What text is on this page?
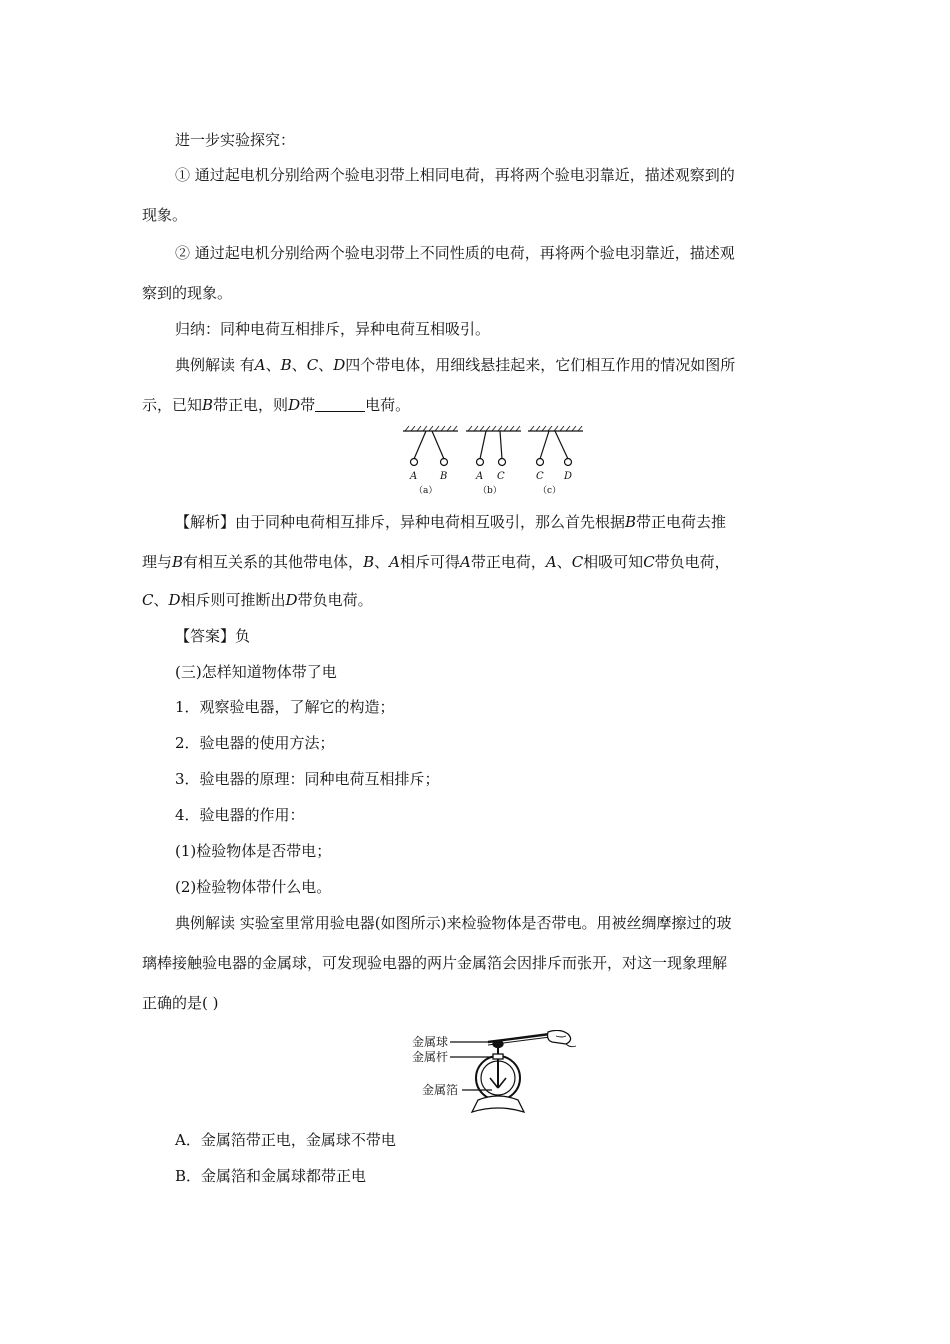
进一步实验探究：
① 通过起电机分别给两个验电羽带上相同电荷，再将两个验电羽靠近，描述观察到的
现象。
② 通过起电机分别给两个验电羽带上不同性质的电荷，再将两个验电羽靠近，描述观
察到的现象。
归纳：同种电荷互相排斥，异种电荷互相吸引。
典例解读 有A、B、C、D四个带电体，用细线悬挂起来，它们相互作用的情况如图所
示，已知B带正电，则D带	电荷。
A B	A C	C D
（a）	（b）	（c）
【解析】由于同种电荷相互排斥，异种电荷相互吸引，那么首先根据B带正电荷去推
理与B有相互关系的其他带电体，B、A相斥可得A带正电荷，A、C相吸可知C带负电荷，
C、D相斥则可推断出D带负电荷。
【答案】负
(三)怎样知道物体带了电
1．观察验电器，了解它的构造；
2．验电器的使用方法；
3．验电器的原理：同种电荷互相排斥；
4．验电器的作用：
(1)检验物体是否带电；
(2)检验物体带什么电。
典例解读 实验室里常用验电器(如图所示)来检验物体是否带电。用被丝绸摩擦过的玻
璃棒接触验电器的金属球，可发现验电器的两片金属箔会因排斥而张开，对这一现象理解
正确的是( )
金属球
金属杆
金属箔
A．金属箔带正电，金属球不带电
B．金属箔和金属球都带正电
